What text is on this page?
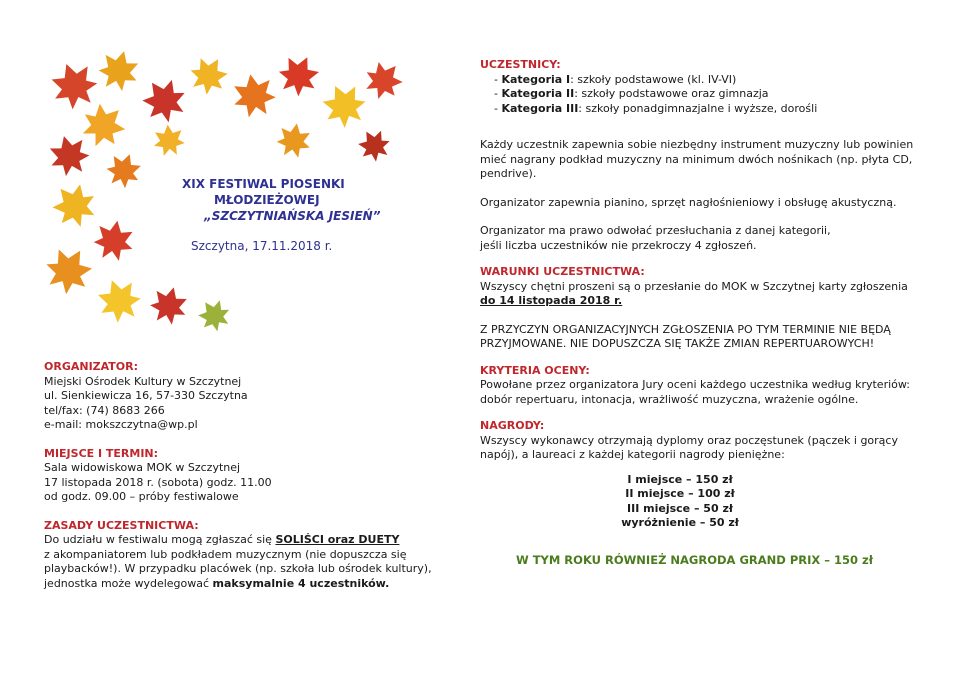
XIX FESTIWAL PIOSENKI
MŁODZIEŻOWEJ
„SZCZYTNIAŃSKA JESIEŃ”
Szczytna, 17.11.2018 r.
ORGANIZATOR:
Miejski Ośrodek Kultury w Szczytnej
ul. Sienkiewicza 16, 57-330 Szczytna
tel/fax: (74) 8683 266
e-mail: mokszczytna@wp.pl
MIEJSCE I TERMIN:
Sala widowiskowa MOK w Szczytnej
17 listopada 2018 r. (sobota) godz. 11.00
od godz. 09.00 – próby festiwalowe
ZASADY UCZESTNICTWA:
Do udziału w festiwalu mogą zgłaszać się SOLIŚCI oraz DUETY
z akompaniatorem lub podkładem muzycznym (nie dopuszcza się
playbacków!). W przypadku placówek (np. szkoła lub ośrodek kultury),
jednostka może wydelegować maksymalnie 4 uczestników.
UCZESTNICY:
- Kategoria I: szkoły podstawowe (kl. IV-VI)
- Kategoria II: szkoły podstawowe oraz gimnazja
- Kategoria III: szkoły ponadgimnazjalne i wyższe, dorośli
Każdy uczestnik zapewnia sobie niezbędny instrument muzyczny lub powinien
mieć nagrany podkład muzyczny na minimum dwóch nośnikach (np. płyta CD,
pendrive).
Organizator zapewnia pianino, sprzęt nagłośnieniowy i obsługę akustyczną.
Organizator ma prawo odwołać przesłuchania z danej kategorii,
jeśli liczba uczestników nie przekroczy 4 zgłoszeń.
WARUNKI UCZESTNICTWA:
Wszyscy chętni proszeni są o przesłanie do MOK w Szczytnej karty zgłoszenia
do 14 listopada 2018 r.
Z PRZYCZYN ORGANIZACYJNYCH ZGŁOSZENIA PO TYM TERMINIE NIE BĘDĄ
PRZYJMOWANE. NIE DOPUSZCZA SIĘ TAKŻE ZMIAN REPERTUAROWYCH!
KRYTERIA OCENY:
Powołane przez organizatora Jury oceni każdego uczestnika według kryteriów:
dobór repertuaru, intonacja, wrażliwość muzyczna, wrażenie ogólne.
NAGRODY:
Wszyscy wykonawcy otrzymają dyplomy oraz poczęstunek (pączek i gorący
napój), a laureaci z każdej kategorii nagrody pieniężne:
I miejsce – 150 zł
II miejsce – 100 zł
III miejsce – 50 zł
wyróżnienie – 50 zł
W TYM ROKU RÓWNIEŻ NAGRODA GRAND PRIX – 150 zł
